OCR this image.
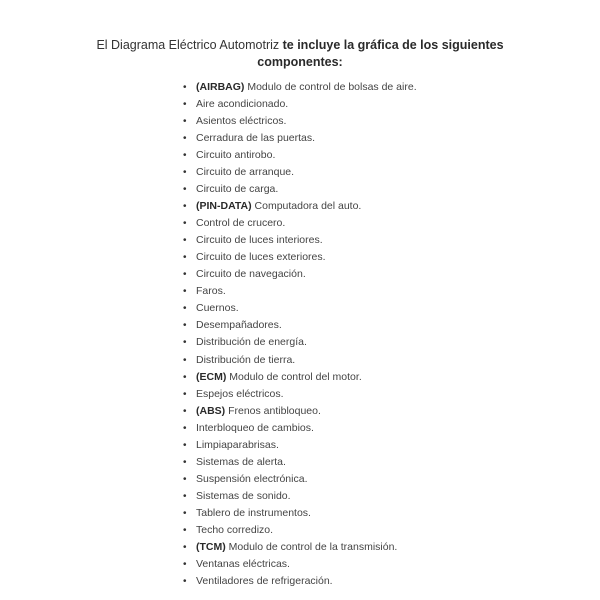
El Diagrama Eléctrico Automotriz te incluye la gráfica de los siguientes componentes:
• (AIRBAG) Modulo de control de bolsas de aire.
• Aire acondicionado.
• Asientos eléctricos.
• Cerradura de las puertas.
• Circuito antirobo.
• Circuito de arranque.
• Circuito de carga.
• (PIN-DATA) Computadora del auto.
• Control de crucero.
• Circuito de luces interiores.
• Circuito de luces exteriores.
• Circuito de navegación.
• Faros.
• Cuernos.
• Desempañadores.
• Distribución de energía.
• Distribución de tierra.
• (ECM) Modulo de control del motor.
• Espejos eléctricos.
• (ABS) Frenos antibloqueo.
• Interbloqueo de cambios.
• Limpiaparabrisas.
• Sistemas de alerta.
• Suspensión electrónica.
• Sistemas de sonido.
• Tablero de instrumentos.
• Techo corredizo.
• (TCM) Modulo de control de la transmisión.
• Ventanas eléctricas.
• Ventiladores de refrigeración.
